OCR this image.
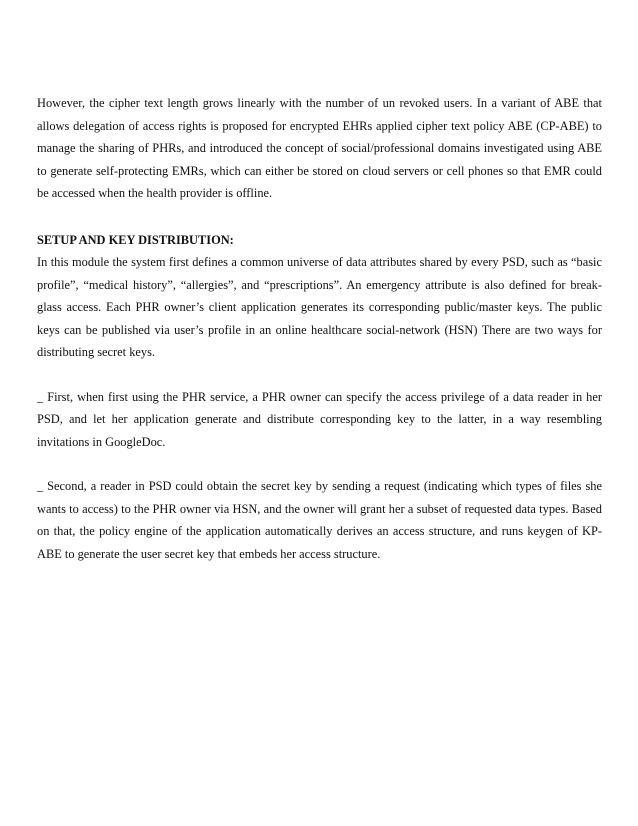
However, the cipher text length grows linearly with the number of un revoked users. In a variant of ABE that allows delegation of access rights is proposed for encrypted EHRs applied cipher text policy ABE (CP-ABE) to manage the sharing of PHRs, and introduced the concept of social/professional domains investigated using ABE to generate self-protecting EMRs, which can either be stored on cloud servers or cell phones so that EMR could be accessed when the health provider is offline.

SETUP AND KEY DISTRIBUTION:

In this module the system first defines a common universe of data attributes shared by every PSD, such as “basic profile”, “medical history”, “allergies”, and “prescriptions”. An emergency attribute is also defined for break-glass access. Each PHR owner’s client application generates its corresponding public/master keys. The public keys can be published via user’s profile in an online healthcare social-network (HSN) There are two ways for distributing secret keys.

_ First, when first using the PHR service, a PHR owner can specify the access privilege of a data reader in her PSD, and let her application generate and distribute corresponding key to the latter, in a way resembling invitations in GoogleDoc.

_ Second, a reader in PSD could obtain the secret key by sending a request (indicating which types of files she wants to access) to the PHR owner via HSN, and the owner will grant her a subset of requested data types. Based on that, the policy engine of the application automatically derives an access structure, and runs keygen of KP-ABE to generate the user secret key that embeds her access structure.
